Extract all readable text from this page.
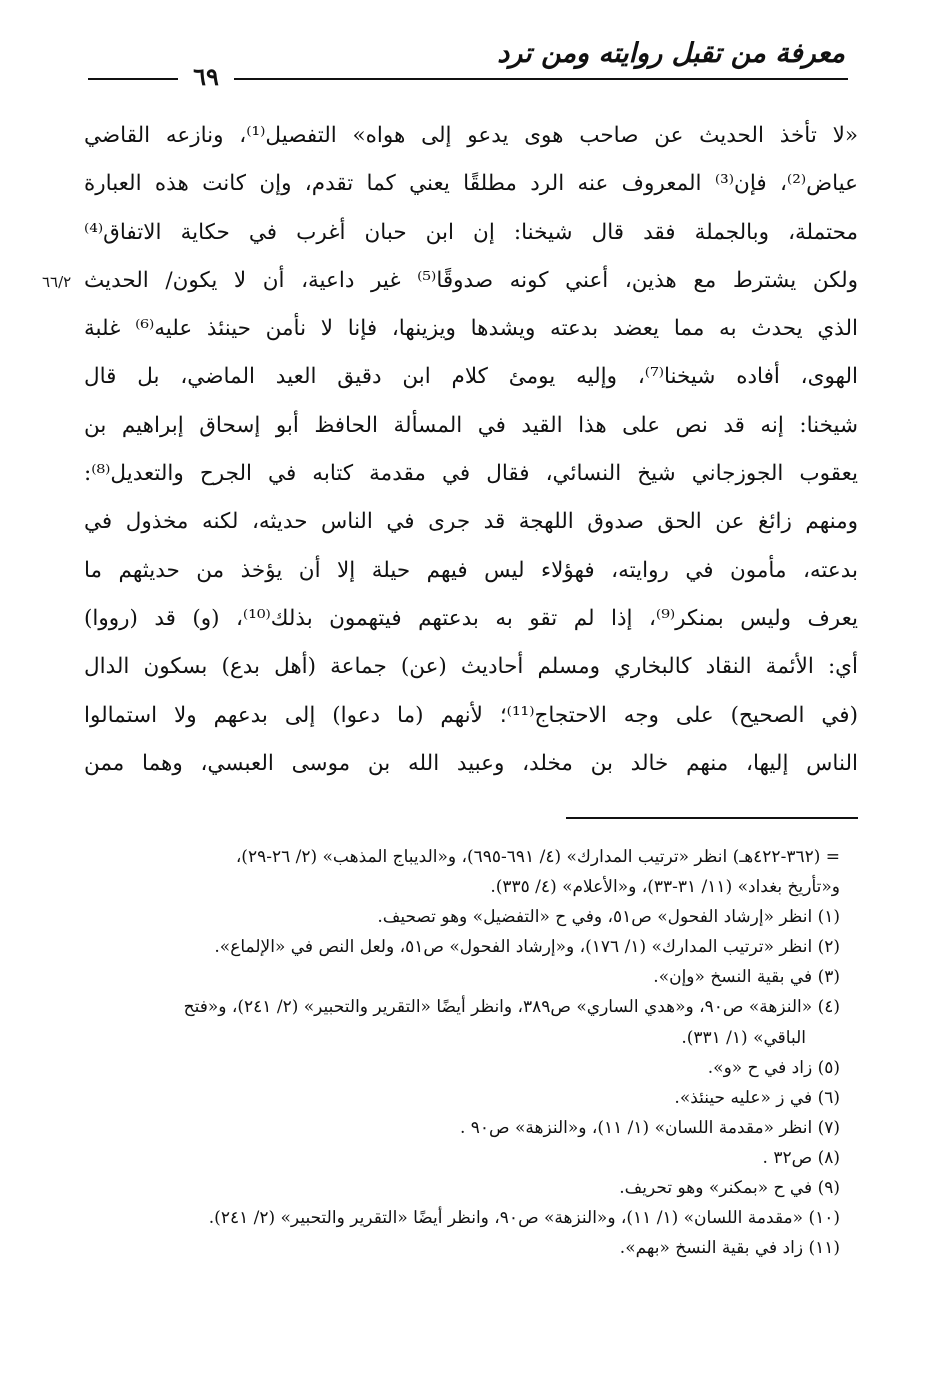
معرفة من تقبل روايته ومن ترد
٦٩
٦٦/٢
«لا تأخذ الحديث عن صاحب هوى يدعو إلى هواه» التفصيل⁽¹⁾، ونازعه القاضي
عياض⁽²⁾، فإن⁽³⁾ المعروف عنه الرد مطلقًا يعني كما تقدم، وإن كانت هذه العبارة
محتملة، وبالجملة فقد قال شيخنا: إن ابن حبان أغرب في حكاية الاتفاق⁽⁴⁾
ولكن يشترط مع هذين، أعني كونه صدوقًا⁽⁵⁾ غير داعية، أن لا يكون/ الحديث
الذي يحدث به مما يعضد بدعته ويشدها ويزينها، فإنا لا نأمن حينئذ عليه⁽⁶⁾ غلبة
الهوى، أفاده شيخنا⁽⁷⁾، وإليه يومئ كلام ابن دقيق العيد الماضي، بل قال
شيخنا: إنه قد نص على هذا القيد في المسألة الحافظ أبو إسحاق إبراهيم بن
يعقوب الجوزجاني شيخ النسائي، فقال في مقدمة كتابه في الجرح والتعديل⁽⁸⁾:
ومنهم زائغ عن الحق صدوق اللهجة قد جرى في الناس حديثه، لكنه مخذول في
بدعته، مأمون في روايته، فهؤلاء ليس فيهم حيلة إلا أن يؤخذ من حديثهم ما
يعرف وليس بمنكر⁽⁹⁾، إذا لم تقو به بدعتهم فيتهمون بذلك⁽¹⁰⁾، (و) قد (رووا)
أي: الأئمة النقاد كالبخاري ومسلم أحاديث (عن) جماعة (أهل بدع) بسكون الدال
(في الصحيح) على وجه الاحتجاج⁽¹¹⁾؛ لأنهم (ما دعوا) إلى بدعهم ولا استمالوا
الناس إليها، منهم خالد بن مخلد، وعبيد الله بن موسى العبسي، وهما ممن
= (٣٦٢-٤٢٢هـ) انظر «ترتيب المدارك» (٤/ ٦٩١-٦٩٥)، و«الديباج المذهب» (٢/ ٢٦-٢٩)،
و«تأريخ بغداد» (١١/ ٣١-٣٣)، و«الأعلام» (٤/ ٣٣٥).
(١) انظر «إرشاد الفحول» ص٥١، وفي ح «التفضيل» وهو تصحيف.
(٢) انظر «ترتيب المدارك» (١/ ١٧٦)، و«إرشاد الفحول» ص٥١، ولعل النص في «الإلماع».
(٣) في بقية النسخ «وإن».
(٤) «النزهة» ص٩٠، و«هدي الساري» ص٣٨٩، وانظر أيضًا «التقرير والتحبير» (٢/ ٢٤١)، و«فتح
الباقي» (١/ ٣٣١).
(٥) زاد في ح «و».
(٦) في ز «عليه حينئذ».
(٧) انظر «مقدمة اللسان» (١/ ١١)، و«النزهة» ص٩٠ .
(٨) ص٣٢ .
(٩) في ح «بمكنر» وهو تحريف.
(١٠) «مقدمة اللسان» (١/ ١١)، و«النزهة» ص٩٠، وانظر أيضًا «التقرير والتحبير» (٢/ ٢٤١).
(١١) زاد في بقية النسخ «بهم».
